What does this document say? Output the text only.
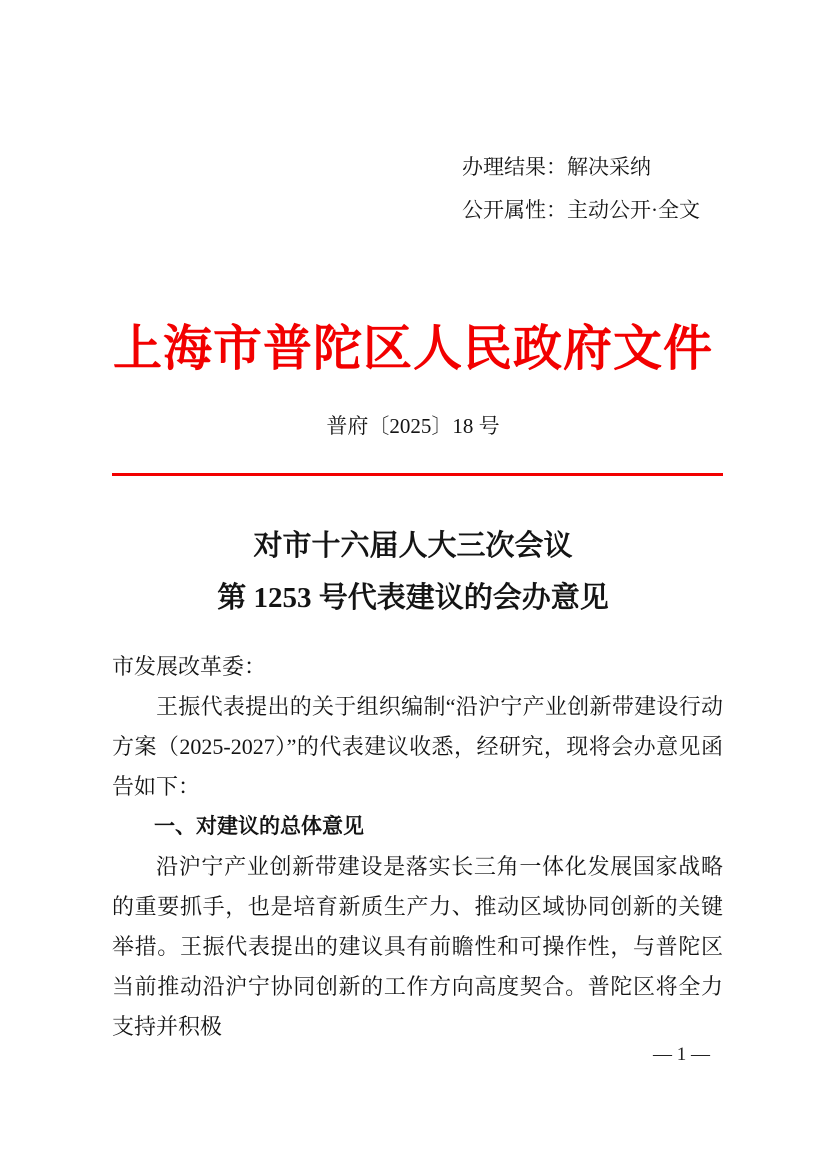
办理结果：解决采纳
公开属性：主动公开·全文
上海市普陀区人民政府文件
普府〔2025〕18 号
对市十六届人大三次会议
第 1253 号代表建议的会办意见

市发展改革委：

王振代表提出的关于组织编制“沿沪宁产业创新带建设行动方案（2025-2027）”的代表建议收悉，经研究，现将会办意见函告如下：

一、对建议的总体意见

沿沪宁产业创新带建设是落实长三角一体化发展国家战略的重要抓手，也是培育新质生产力、推动区域协同创新的关键举措。王振代表提出的建议具有前瞻性和可操作性，与普陀区当前推动沿沪宁协同创新的工作方向高度契合。普陀区将全力支持并积极

— 1 —
